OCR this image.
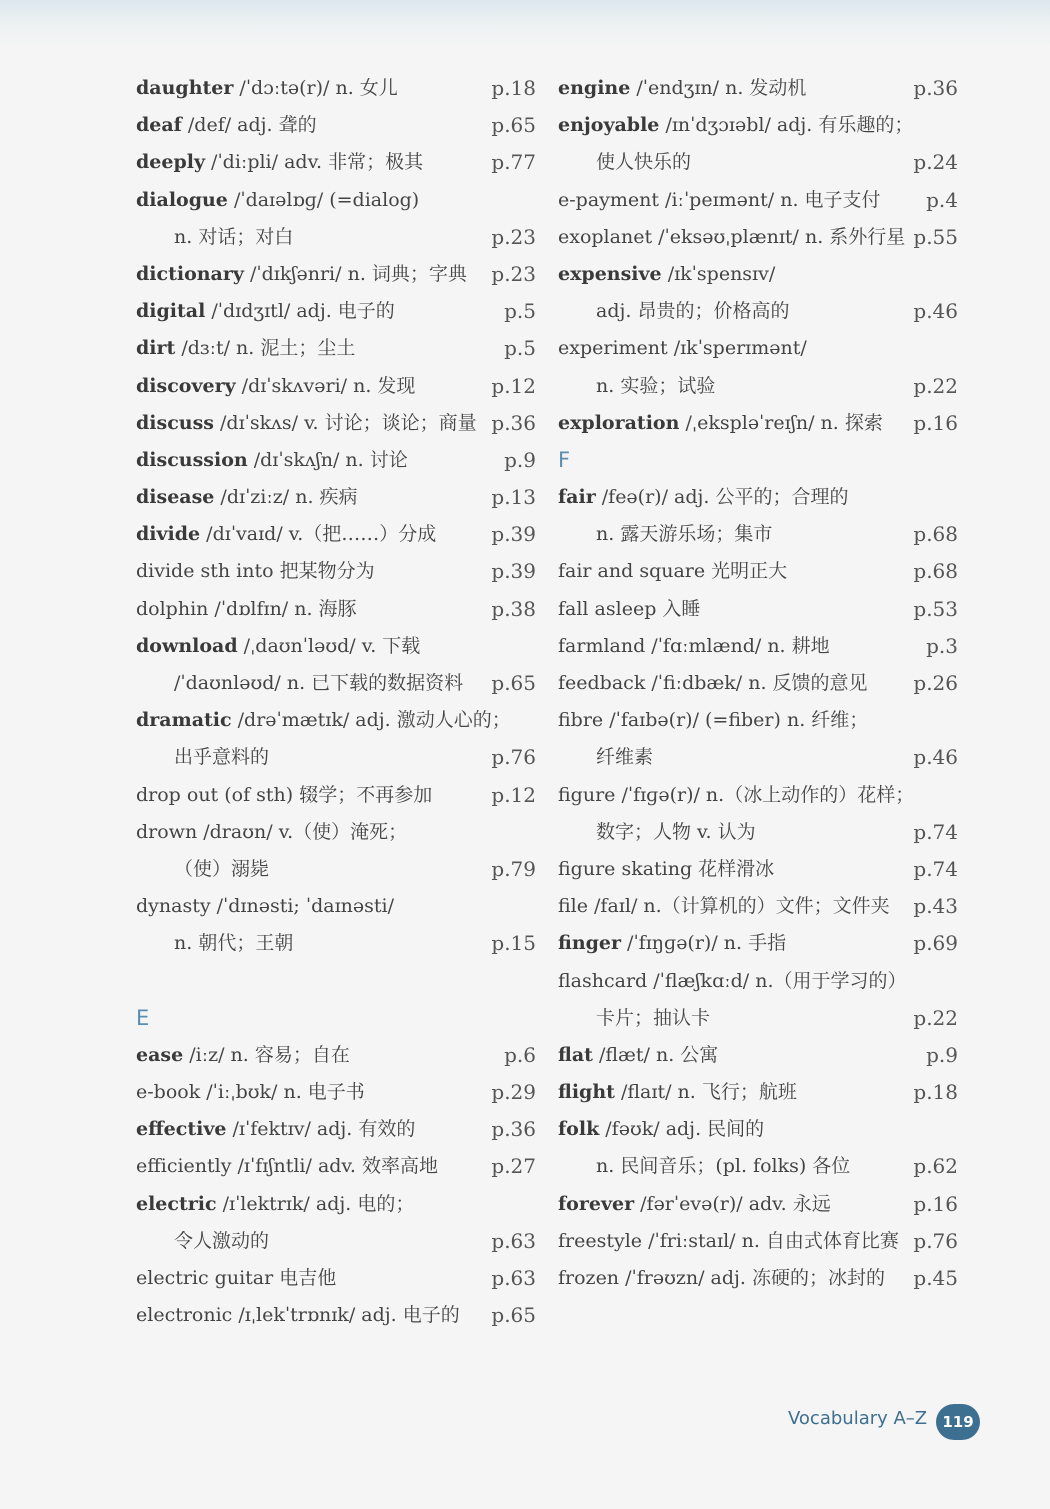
daughter /ˈdɔːtə(r)/ n. 女儿	p.18
deaf /def/ adj. 聋的	p.65
deeply /ˈdiːpli/ adv. 非常；极其	p.77
dialogue /ˈdaɪəlɒɡ/ (=dialog)
n. 对话；对白	p.23
dictionary /ˈdɪkʃənri/ n. 词典；字典 p.23
digital /ˈdɪdʒɪtl/ adj. 电子的	p.5
dirt /dɜːt/ n. 泥土；尘土	p.5
discovery /dɪˈskʌvəri/ n. 发现	p.12
discuss /dɪˈskʌs/ v. 讨论；谈论；商量 p.36
discussion /dɪˈskʌʃn/ n. 讨论	p.9
disease /dɪˈziːz/ n. 疾病	p.13
divide /dɪˈvaɪd/ v.（把……）分成	p.39
divide sth into 把某物分为	p.39
dolphin /ˈdɒlfɪn/ n. 海豚	p.38
download /ˌdaʊnˈləʊd/ v. 下载
/ˈdaʊnləʊd/ n. 已下载的数据资料 p.65
dramatic /drəˈmætɪk/ adj. 激动人心的；
出乎意料的	p.76
drop out (of sth) 辍学；不再参加	p.12
drown /draʊn/ v.（使）淹死；
（使）溺毙	p.79
dynasty /ˈdɪnəsti; ˈdaɪnəsti/
n. 朝代；王朝	p.15
E
ease /iːz/ n. 容易；自在	p.6
e-book /ˈiːˌbʊk/ n. 电子书	p.29
effective /ɪˈfektɪv/ adj. 有效的	p.36
efficiently /ɪˈfɪʃntli/ adv. 效率高地	p.27
electric /ɪˈlektrɪk/ adj. 电的；
令人激动的	p.63
electric guitar 电吉他	p.63
electronic /ɪˌlekˈtrɒnɪk/ adj. 电子的 p.65
engine /ˈendʒɪn/ n. 发动机	p.36
enjoyable /ɪnˈdʒɔɪəbl/ adj. 有乐趣的；
使人快乐的	p.24
e-payment /iːˈpeɪmənt/ n. 电子支付 p.4
exoplanet /ˈeksəʊˌplænɪt/ n. 系外行星 p.55
expensive /ɪkˈspensɪv/
adj. 昂贵的；价格高的	p.46
experiment /ɪkˈsperɪmənt/
n. 实验；试验	p.22
exploration /ˌekspləˈreɪʃn/ n. 探索 p.16
F
fair /feə(r)/ adj. 公平的；合理的
n. 露天游乐场；集市	p.68
fair and square 光明正大	p.68
fall asleep 入睡	p.53
farmland /ˈfɑːmlænd/ n. 耕地	p.3
feedback /ˈfiːdbæk/ n. 反馈的意见 p.26
fibre /ˈfaɪbə(r)/ (=fiber) n. 纤维；
纤维素	p.46
figure /ˈfɪɡə(r)/ n.（冰上动作的）花样；
数字；人物 v. 认为	p.74
figure skating 花样滑冰	p.74
file /faɪl/ n.（计算机的）文件；文件夹 p.43
finger /ˈfɪŋɡə(r)/ n. 手指	p.69
flashcard /ˈflæʃkɑːd/ n.（用于学习的）
卡片；抽认卡	p.22
flat /flæt/ n. 公寓	p.9
flight /flaɪt/ n. 飞行；航班	p.18
folk /fəʊk/ adj. 民间的
n. 民间音乐；(pl. folks) 各位	p.62
forever /fərˈevə(r)/ adv. 永远	p.16
freestyle /ˈfriːstaɪl/ n. 自由式体育比赛 p.76
frozen /ˈfrəʊzn/ adj. 冻硬的；冰封的 p.45
Vocabulary A–Z	119
